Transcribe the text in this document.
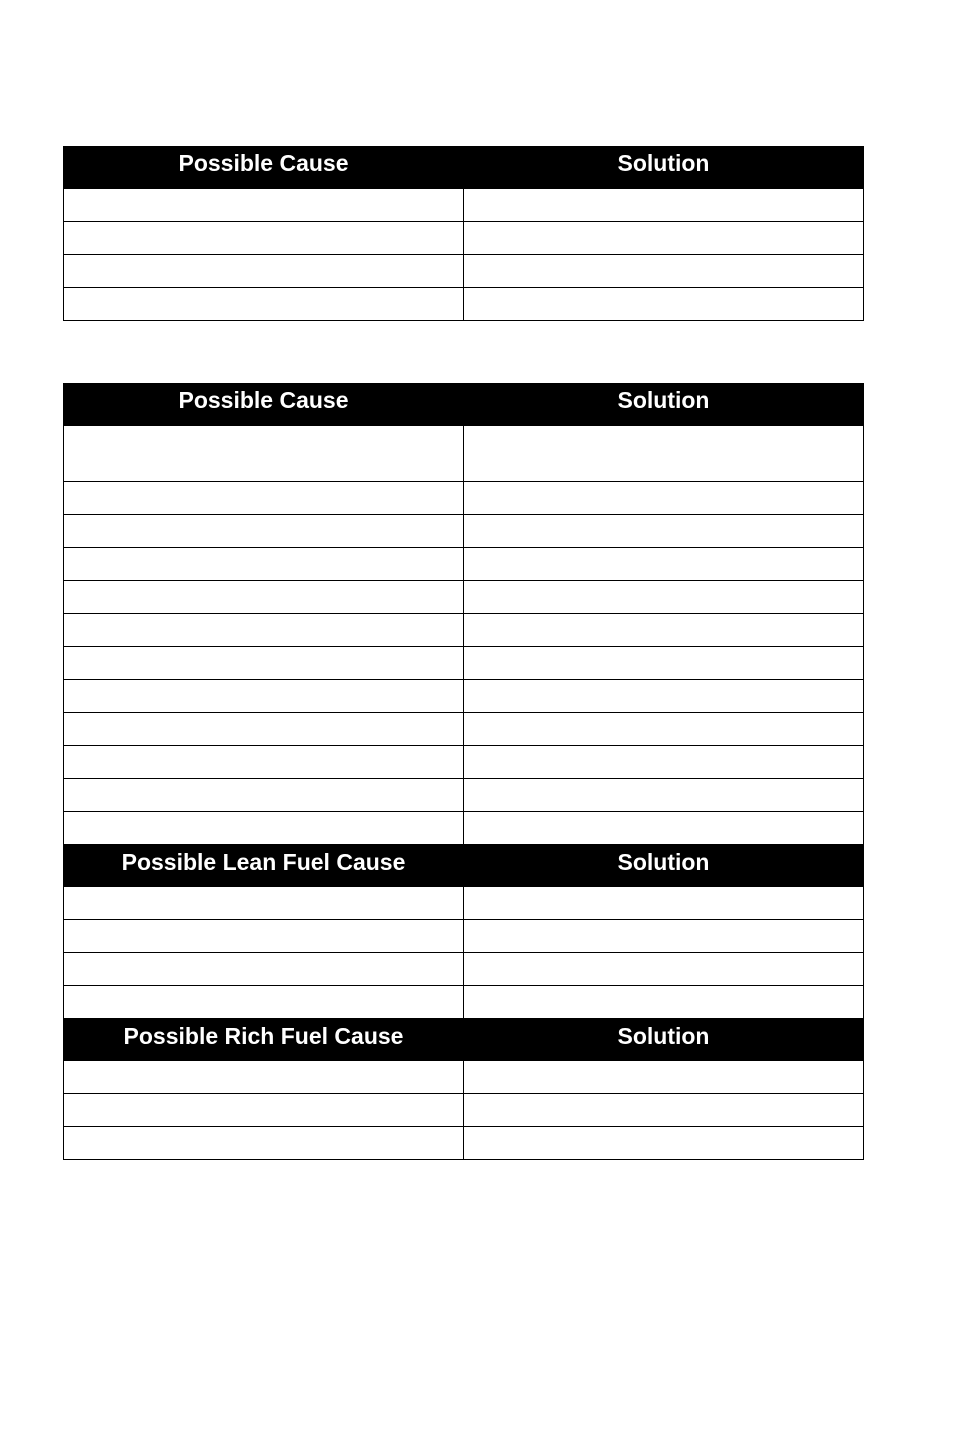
Possible Cause	Solution

Possible Cause	Solution

Possible Lean Fuel Cause	Solution

Possible Rich Fuel Cause	Solution
